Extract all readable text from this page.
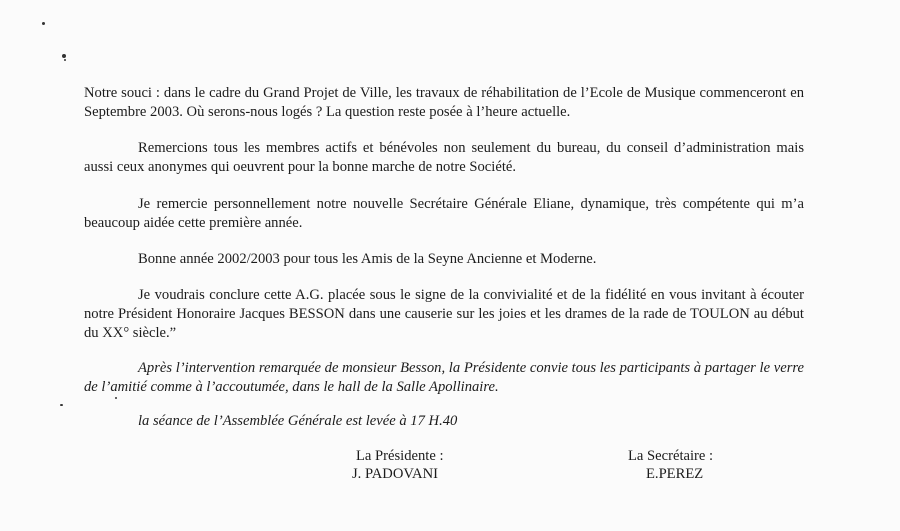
Notre souci : dans le cadre du Grand Projet de Ville, les travaux de réhabilitation de l’Ecole de Musique commenceront en Septembre 2003. Où serons-nous logés ? La question reste posée à l’heure actuelle.

Remercions tous les membres actifs et bénévoles non seulement du bureau, du conseil d’administration mais aussi ceux anonymes qui oeuvrent pour la bonne marche de notre Société.

Je remercie personnellement notre nouvelle Secrétaire Générale Eliane, dynamique, très compétente qui m’a beaucoup aidée cette première année.

Bonne année 2002/2003 pour tous les Amis de la Seyne Ancienne et Moderne.

Je voudrais conclure cette A.G. placée sous le signe de la convivialité et de la fidélité en vous invitant à écouter notre Président Honoraire Jacques BESSON dans une causerie sur les joies et les drames de la rade de TOULON au début du XX° siècle.”

Après l’intervention remarquée de monsieur Besson, la Présidente convie tous les participants à partager le verre de l’amitié comme à l’accoutumée, dans le hall de la Salle Apollinaire.

la séance de l’Assemblée Générale est levée à 17 H.40

La Présidente :

J. PADOVANI

La Secrétaire :

E.PEREZ
